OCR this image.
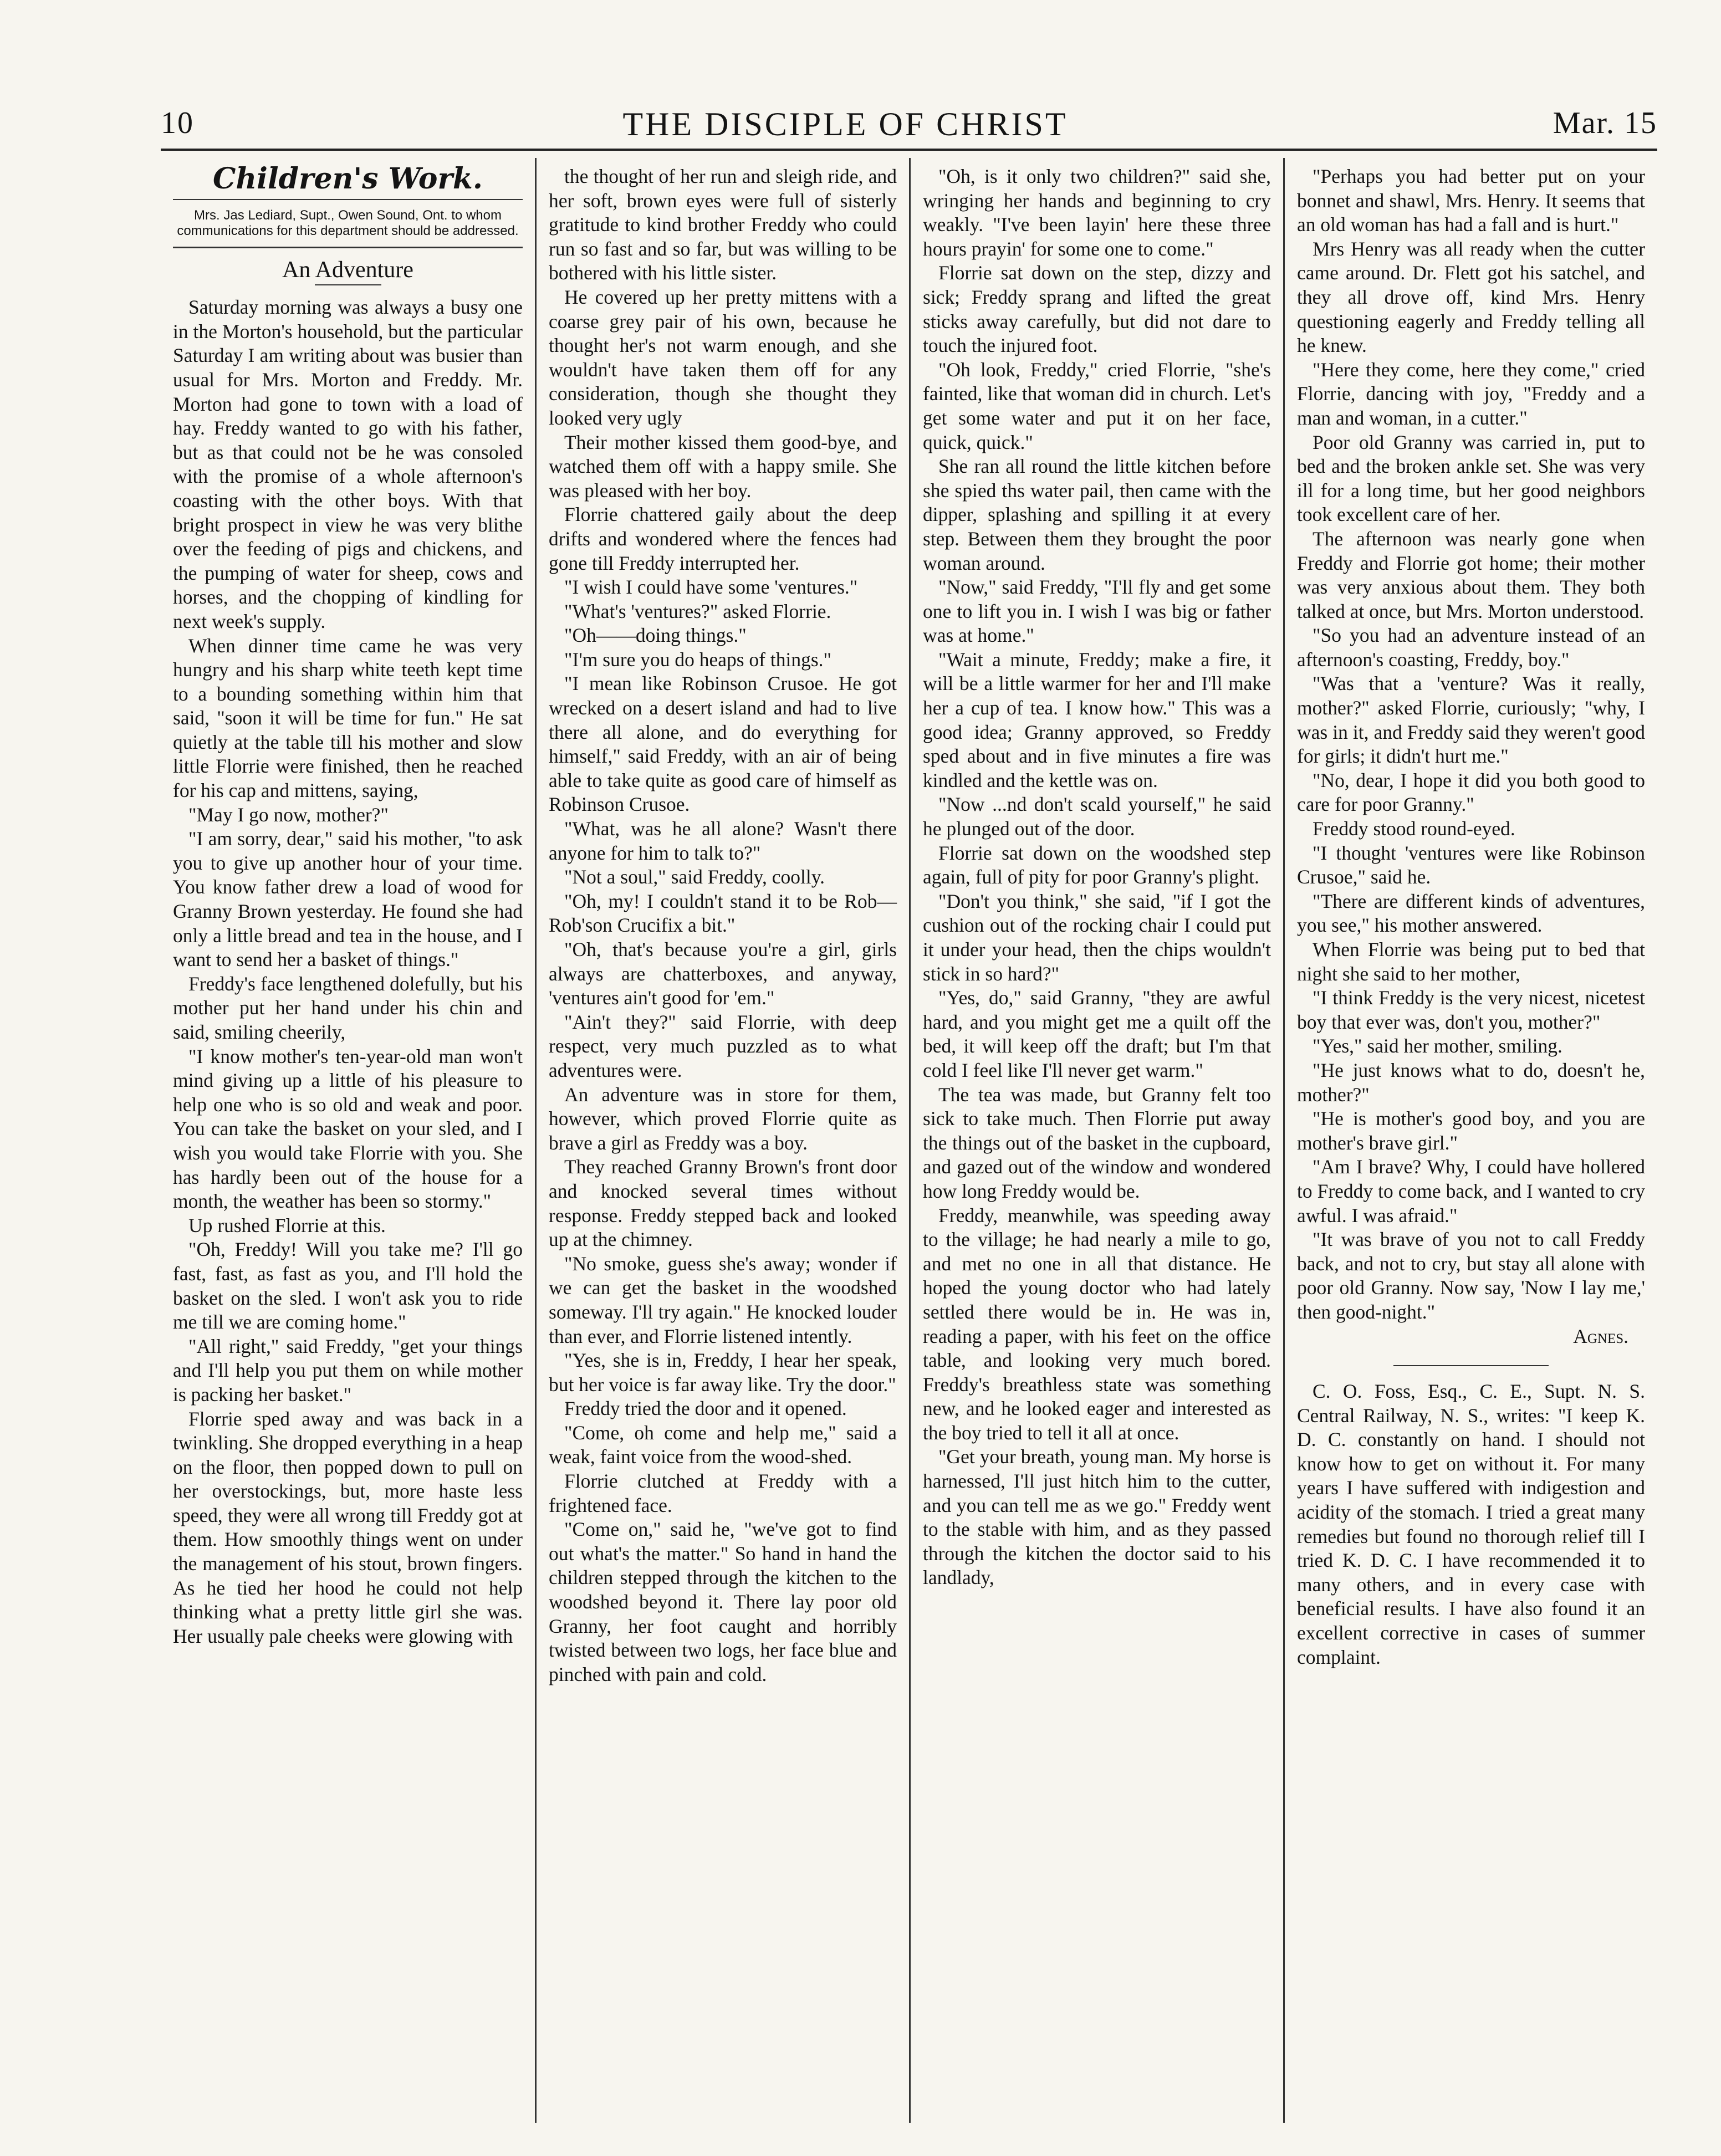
10	THE DISCIPLE OF CHRIST	Mar. 15
Children's Work.
Mrs. Jas Lediard, Supt., Owen Sound, Ont. to whom communications for this department should be addressed.
An Adventure

Saturday morning was always a busy one in the Morton's household, but the particular Saturday I am writing about was busier than usual for Mrs. Morton and Freddy. Mr. Morton had gone to town with a load of hay. Freddy wanted to go with his father, but as that could not be he was consoled with the promise of a whole afternoon's coasting with the other boys. With that bright prospect in view he was very blithe over the feeding of pigs and chickens, and the pumping of water for sheep, cows and horses, and the chopping of kindling for next week's supply.

When dinner time came he was very hungry and his sharp white teeth kept time to a bounding something within him that said, "soon it will be time for fun." He sat quietly at the table till his mother and slow little Florrie were finished, then he reached for his cap and mittens, saying,

"May I go now, mother?"

"I am sorry, dear," said his mother, "to ask you to give up another hour of your time. You know father drew a load of wood for Granny Brown yesterday. He found she had only a little bread and tea in the house, and I want to send her a basket of things."

Freddy's face lengthened dolefully, but his mother put her hand under his chin and said, smiling cheerily,

"I know mother's ten-year-old man won't mind giving up a little of his pleasure to help one who is so old and weak and poor. You can take the basket on your sled, and I wish you would take Florrie with you. She has hardly been out of the house for a month, the weather has been so stormy."

Up rushed Florrie at this.

"Oh, Freddy! Will you take me? I'll go fast, fast, as fast as you, and I'll hold the basket on the sled. I won't ask you to ride me till we are coming home."

"All right," said Freddy, "get your things and I'll help you put them on while mother is packing her basket."

Florrie sped away and was back in a twinkling. She dropped everything in a heap on the floor, then popped down to pull on her overstockings, but, more haste less speed, they were all wrong till Freddy got at them. How smoothly things went on under the management of his stout, brown fingers. As he tied her hood he could not help thinking what a pretty little girl she was. Her usually pale cheeks were glowing with

the thought of her run and sleigh ride, and her soft, brown eyes were full of sisterly gratitude to kind brother Freddy who could run so fast and so far, but was willing to be bothered with his little sister.

He covered up her pretty mittens with a coarse grey pair of his own, because he thought her's not warm enough, and she wouldn't have taken them off for any consideration, though she thought they looked very ugly

Their mother kissed them good-bye, and watched them off with a happy smile. She was pleased with her boy.

Florrie chattered gaily about the deep drifts and wondered where the fences had gone till Freddy interrupted her.

"I wish I could have some 'ventures."

"What's 'ventures?" asked Florrie.

"Oh——doing things."

"I'm sure you do heaps of things."

"I mean like Robinson Crusoe. He got wrecked on a desert island and had to live there all alone, and do everything for himself," said Freddy, with an air of being able to take quite as good care of himself as Robinson Crusoe.

"What, was he all alone? Wasn't there anyone for him to talk to?"

"Not a soul," said Freddy, coolly.

"Oh, my! I couldn't stand it to be Rob—Rob'son Crucifix a bit."

"Oh, that's because you're a girl, girls always are chatterboxes, and anyway, 'ventures ain't good for 'em."

"Ain't they?" said Florrie, with deep respect, very much puzzled as to what adventures were.

An adventure was in store for them, however, which proved Florrie quite as brave a girl as Freddy was a boy.

They reached Granny Brown's front door and knocked several times without response. Freddy stepped back and looked up at the chimney.

"No smoke, guess she's away; wonder if we can get the basket in the woodshed someway. I'll try again." He knocked louder than ever, and Florrie listened intently.

"Yes, she is in, Freddy, I hear her speak, but her voice is far away like. Try the door."

Freddy tried the door and it opened.

"Come, oh come and help me," said a weak, faint voice from the wood-shed.

Florrie clutched at Freddy with a frightened face.

"Come on," said he, "we've got to find out what's the matter." So hand in hand the children stepped through the kitchen to the woodshed beyond it. There lay poor old Granny, her foot caught and horribly twisted between two logs, her face blue and pinched with pain and cold.

"Oh, is it only two children?" said she, wringing her hands and beginning to cry weakly. "I've been layin' here these three hours prayin' for some one to come."

Florrie sat down on the step, dizzy and sick; Freddy sprang and lifted the great sticks away carefully, but did not dare to touch the injured foot.

"Oh look, Freddy," cried Florrie, "she's fainted, like that woman did in church. Let's get some water and put it on her face, quick, quick."

She ran all round the little kitchen before she spied ths water pail, then came with the dipper, splashing and spilling it at every step. Between them they brought the poor woman around.

"Now," said Freddy, "I'll fly and get some one to lift you in. I wish I was big or father was at home."

"Wait a minute, Freddy; make a fire, it will be a little warmer for her and I'll make her a cup of tea. I know how." This was a good idea; Granny approved, so Freddy sped about and in five minutes a fire was kindled and the kettle was on.

"Now ...nd don't scald yourself," he said he plunged out of the door.

Florrie sat down on the woodshed step again, full of pity for poor Granny's plight.

"Don't you think," she said, "if I got the cushion out of the rocking chair I could put it under your head, then the chips wouldn't stick in so hard?"

"Yes, do," said Granny, "they are awful hard, and you might get me a quilt off the bed, it will keep off the draft; but I'm that cold I feel like I'll never get warm."

The tea was made, but Granny felt too sick to take much. Then Florrie put away the things out of the basket in the cupboard, and gazed out of the window and wondered how long Freddy would be.

Freddy, meanwhile, was speeding away to the village; he had nearly a mile to go, and met no one in all that distance. He hoped the young doctor who had lately settled there would be in. He was in, reading a paper, with his feet on the office table, and looking very much bored. Freddy's breathless state was something new, and he looked eager and interested as the boy tried to tell it all at once.

"Get your breath, young man. My horse is harnessed, I'll just hitch him to the cutter, and you can tell me as we go." Freddy went to the stable with him, and as they passed through the kitchen the doctor said to his landlady,

"Perhaps you had better put on your bonnet and shawl, Mrs. Henry. It seems that an old woman has had a fall and is hurt."

Mrs Henry was all ready when the cutter came around. Dr. Flett got his satchel, and they all drove off, kind Mrs. Henry questioning eagerly and Freddy telling all he knew.

"Here they come, here they come," cried Florrie, dancing with joy, "Freddy and a man and woman, in a cutter."

Poor old Granny was carried in, put to bed and the broken ankle set. She was very ill for a long time, but her good neighbors took excellent care of her.

The afternoon was nearly gone when Freddy and Florrie got home; their mother was very anxious about them. They both talked at once, but Mrs. Morton understood.

"So you had an adventure instead of an afternoon's coasting, Freddy, boy."

"Was that a 'venture? Was it really, mother?" asked Florrie, curiously; "why, I was in it, and Freddy said they weren't good for girls; it didn't hurt me."

"No, dear, I hope it did you both good to care for poor Granny."

Freddy stood round-eyed.

"I thought 'ventures were like Robinson Crusoe," said he.

"There are different kinds of adventures, you see," his mother answered.

When Florrie was being put to bed that night she said to her mother,

"I think Freddy is the very nicest, nicetest boy that ever was, don't you, mother?"

"Yes," said her mother, smiling.

"He just knows what to do, doesn't he, mother?"

"He is mother's good boy, and you are mother's brave girl."

"Am I brave? Why, I could have hollered to Freddy to come back, and I wanted to cry awful. I was afraid."

"It was brave of you not to call Freddy back, and not to cry, but stay all alone with poor old Granny. Now say, 'Now I lay me,' then good-night."

Agnes.

C. O. Foss, Esq., C. E., Supt. N. S. Central Railway, N. S., writes: "I keep K. D. C. constantly on hand. I should not know how to get on without it. For many years I have suffered with indigestion and acidity of the stomach. I tried a great many remedies but found no thorough relief till I tried K. D. C. I have recommended it to many others, and in every case with beneficial results. I have also found it an excellent corrective in cases of summer complaint.
